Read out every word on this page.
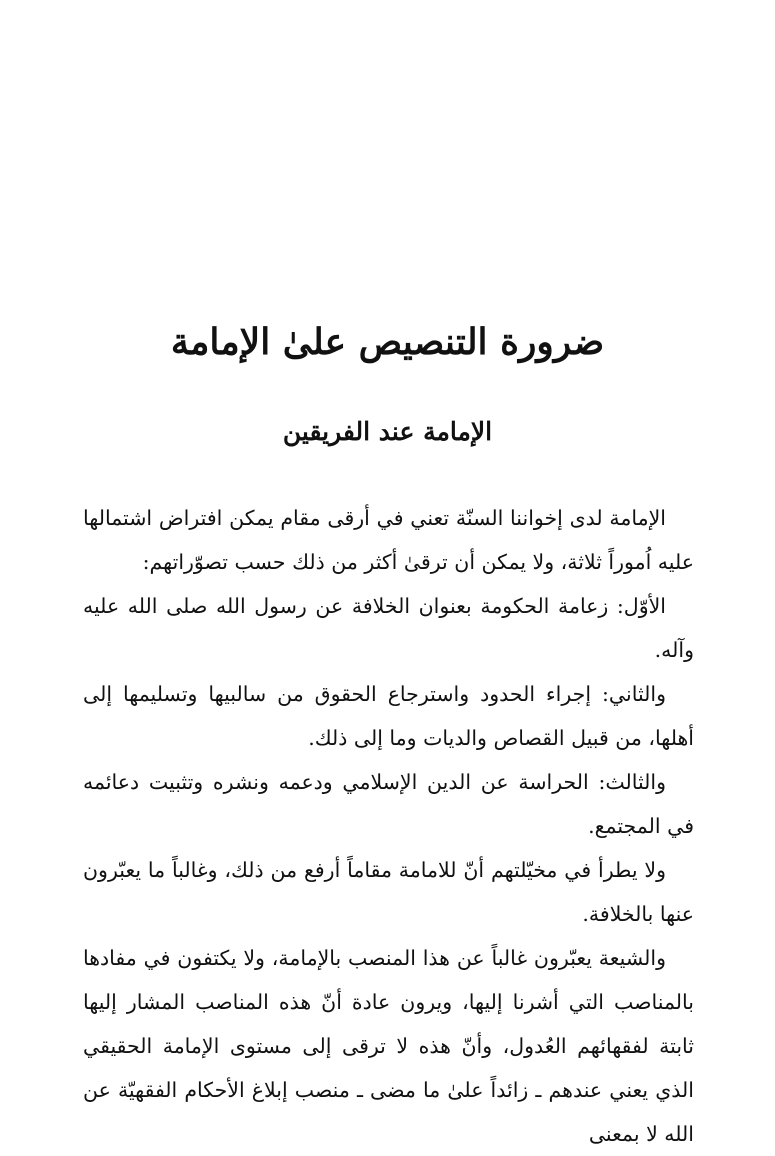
ضرورة التنصيص علىٰ الإمامة
الإمامة عند الفريقين

الإمامة لدى إخواننا السنّة تعني في أرقى مقام يمكن افتراض اشتمالها عليه اُموراً ثلاثة، ولا يمكن أن ترقىٰ أكثر من ذلك حسب تصوّراتهم:

الأوّل: زعامة الحكومة بعنوان الخلافة عن رسول الله صلى الله عليه وآله.

والثاني: إجراء الحدود واسترجاع الحقوق من سالبيها وتسليمها إلى أهلها، من قبيل القصاص والديات وما إلى ذلك.

والثالث: الحراسة عن الدين الإسلامي ودعمه ونشره وتثبيت دعائمه في المجتمع.

ولا يطرأ في مخيّلتهم أنّ للامامة مقاماً أرفع من ذلك، وغالباً ما يعبّرون عنها بالخلافة.

والشيعة يعبّرون غالباً عن هذا المنصب بالإمامة، ولا يكتفون في مفادها بالمناصب التي أشرنا إليها، ويرون عادة أنّ هذه المناصب المشار إليها ثابتة لفقهائهم العُدول، وأنّ هذه لا ترقى إلى مستوى الإمامة الحقيقي الذي يعني عندهم ـ زائداً علىٰ ما مضى ـ منصب إبلاغ الأحكام الفقهيّة عن الله لا بمعنى
